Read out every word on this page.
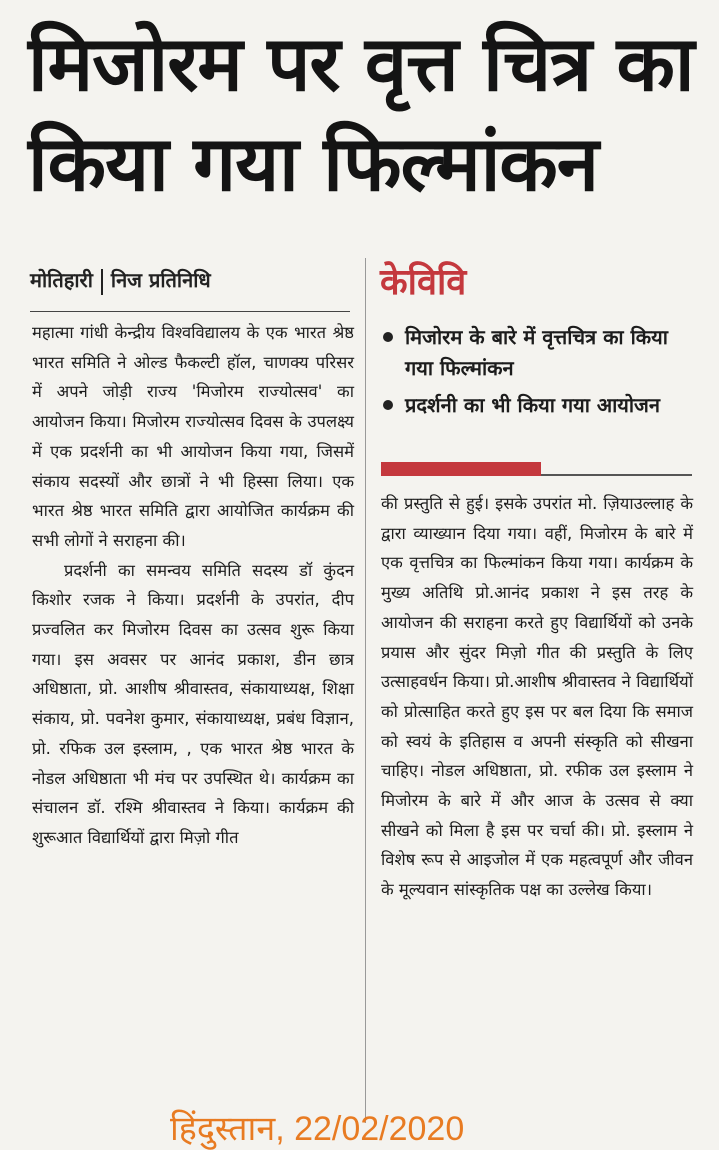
मिजोरम पर वृत्त चित्र का
किया गया फिल्मांकन
मोतिहारी निज प्रतिनिधि

महात्मा गांधी केन्द्रीय विश्वविद्यालय के एक भारत श्रेष्ठ भारत समिति ने ओल्ड फैकल्टी हॉल, चाणक्य परिसर में अपने जोड़ी राज्य 'मिजोरम राज्योत्सव' का आयोजन किया। मिजोरम राज्योत्सव दिवस के उपलक्ष्य में एक प्रदर्शनी का भी आयोजन किया गया, जिसमें संकाय सदस्यों और छात्रों ने भी हिस्सा लिया। एक भारत श्रेष्ठ भारत समिति द्वारा आयोजित कार्यक्रम की सभी लोगों ने सराहना की।

प्रदर्शनी का समन्वय समिति सदस्य डॉ कुंदन किशोर रजक ने किया। प्रदर्शनी के उपरांत, दीप प्रज्वलित कर मिजोरम दिवस का उत्सव शुरू किया गया। इस अवसर पर आनंद प्रकाश, डीन छात्र अधिष्ठाता, प्रो. आशीष श्रीवास्तव, संकायाध्यक्ष, शिक्षा संकाय, प्रो. पवनेश कुमार, संकायाध्यक्ष, प्रबंध विज्ञान, प्रो. रफिक उल इस्लाम, , एक भारत श्रेष्ठ भारत के नोडल अधिष्ठाता भी मंच पर उपस्थित थे। कार्यक्रम का संचालन डॉ. रश्मि श्रीवास्तव ने किया। कार्यक्रम की शुरूआत विद्यार्थियों द्वारा मिज़ो गीत

केविवि
मिजोरम के बारे में वृत्तचित्र का किया गया फिल्मांकन
प्रदर्शनी का भी किया गया आयोजन

की प्रस्तुति से हुई। इसके उपरांत मो. ज़ियाउल्लाह के द्वारा व्याख्यान दिया गया। वहीं, मिजोरम के बारे में एक वृत्तचित्र का फिल्मांकन किया गया। कार्यक्रम के मुख्य अतिथि प्रो.आनंद प्रकाश ने इस तरह के आयोजन की सराहना करते हुए विद्यार्थियों को उनके प्रयास और सुंदर मिज़ो गीत की प्रस्तुति के लिए उत्साहवर्धन किया। प्रो.आशीष श्रीवास्तव ने विद्यार्थियों को प्रोत्साहित करते हुए इस पर बल दिया कि समाज को स्वयं के इतिहास व अपनी संस्कृति को सीखना चाहिए। नोडल अधिष्ठाता, प्रो. रफीक उल इस्लाम ने मिजोरम के बारे में और आज के उत्सव से क्या सीखने को मिला है इस पर चर्चा की। प्रो. इस्लाम ने विशेष रूप से आइजोल में एक महत्वपूर्ण और जीवन के मूल्यवान सांस्कृतिक पक्ष का उल्लेख किया।

हिंदुस्तान, 22/02/2020
